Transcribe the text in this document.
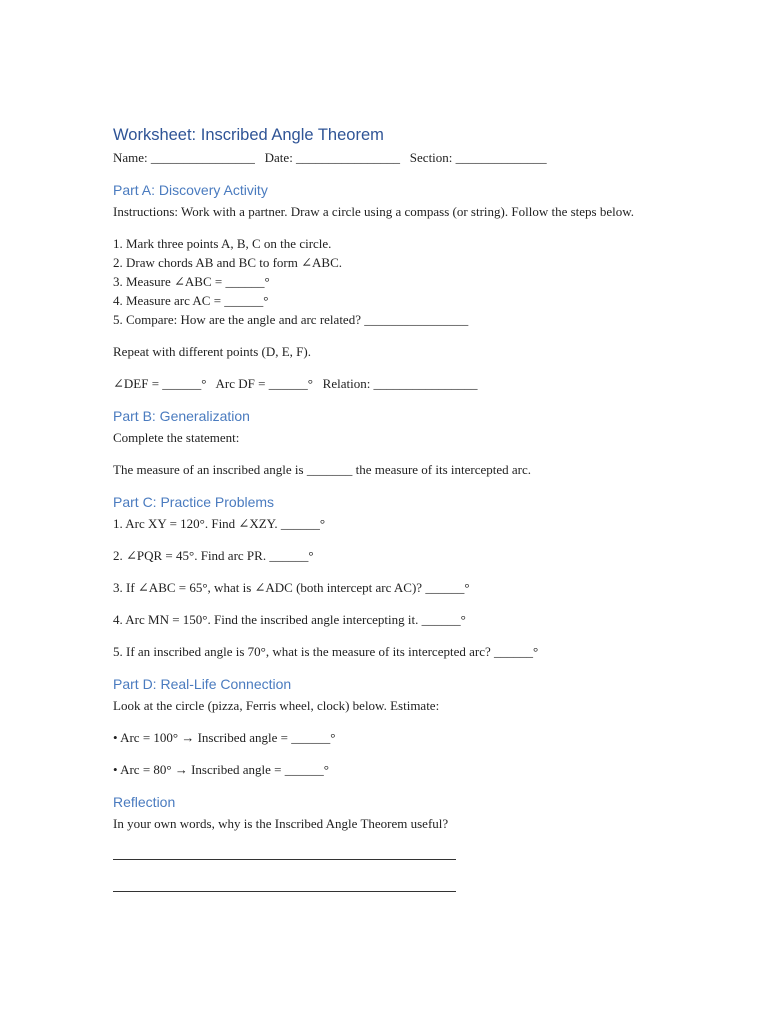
Worksheet: Inscribed Angle Theorem
Name: ________________   Date: ________________   Section: ______________
Part A: Discovery Activity
Instructions: Work with a partner. Draw a circle using a compass (or string). Follow the steps below.
1. Mark three points A, B, C on the circle.
2. Draw chords AB and BC to form ∠ABC.
3. Measure ∠ABC = ______°
4. Measure arc AC = ______°
5. Compare: How are the angle and arc related? ________________
Repeat with different points (D, E, F).
∠DEF = ______°   Arc DF = ______°   Relation: ________________
Part B: Generalization
Complete the statement:
The measure of an inscribed angle is _______ the measure of its intercepted arc.
Part C: Practice Problems
1. Arc XY = 120°. Find ∠XZY. ______°
2. ∠PQR = 45°. Find arc PR. ______°
3. If ∠ABC = 65°, what is ∠ADC (both intercept arc AC)? ______°
4. Arc MN = 150°. Find the inscribed angle intercepting it. ______°
5. If an inscribed angle is 70°, what is the measure of its intercepted arc? ______°
Part D: Real-Life Connection
Look at the circle (pizza, Ferris wheel, clock) below. Estimate:
• Arc = 100° → Inscribed angle = ______°
• Arc = 80° → Inscribed angle = ______°
Reflection
In your own words, why is the Inscribed Angle Theorem useful?
